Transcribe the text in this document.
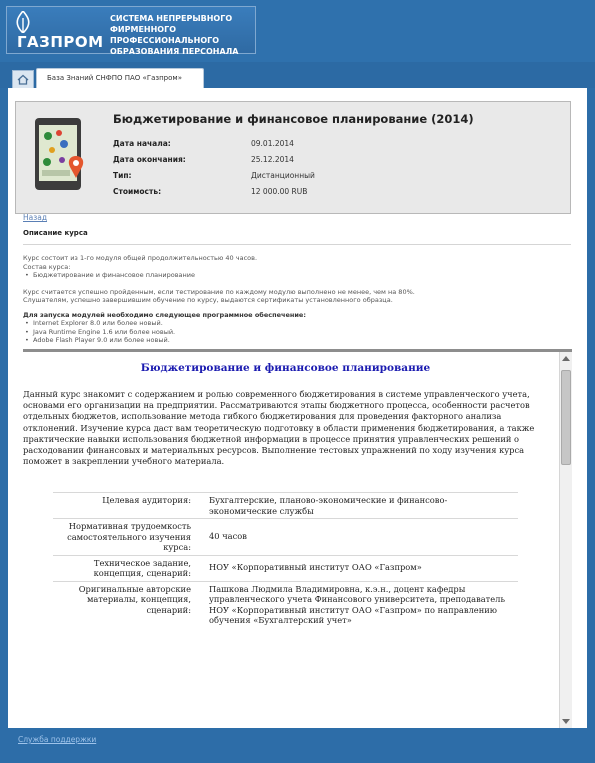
ГАЗПРОМ
СИСТЕМА НЕПРЕРЫВНОГО ФИРМЕННОГО ПРОФЕССИОНАЛЬНОГО ОБРАЗОВАНИЯ ПЕРСОНАЛА
База Знаний СНФПО ПАО «Газпром»
Бюджетирование и финансовое планирование (2014)
Дата начала:	09.01.2014
Дата окончания:	25.12.2014
Тип:	Дистанционный
Стоимость:	12 000.00 RUB
Назад
Описание курса
Курс состоит из 1-го модуля общей продолжительностью 40 часов.
Состав курса:
• Бюджетирование и финансовое планирование
Курс считается успешно пройденным, если тестирование по каждому модулю выполнено не менее, чем на 80%.
Слушателям, успешно завершившим обучение по курсу, выдаются сертификаты установленного образца.
Для запуска модулей необходимо следующее программное обеспечение:
• Internet Explorer 8.0 или более новый.
• Java Runtime Engine 1.6 или более новый.
• Adobe Flash Player 9.0 или более новый.
Бюджетирование и финансовое планирование
Данный курс знакомит с содержанием и ролью современного бюджетирования в системе управленческого учета, основами его организации на предприятии. Рассматриваются этапы бюджетного процесса, особенности расчетов отдельных бюджетов, использование метода гибкого бюджетирования для проведения факторного анализа отклонений. Изучение курса даст вам теоретическую подготовку в области применения бюджетирования, а также практические навыки использования бюджетной информации в процессе принятия управленческих решений о расходовании финансовых и материальных ресурсов. Выполнение тестовых упражнений по ходу изучения курса поможет в закреплении учебного материала.
Целевая аудитория:	Бухгалтерские, планово-экономические и финансово-экономические службы
Нормативная трудоемкость самостоятельного изучения курса:	40 часов
Техническое задание, концепция, сценарий:	НОУ «Корпоративный институт ОАО «Газпром»
Оригинальные авторские материалы, концепция, сценарий:	Пашкова Людмила Владимировна, к.э.н., доцент кафедры управленческого учета Финансового университета, преподаватель НОУ «Корпоративный институт ОАО «Газпром» по направлению обучения «Бухгалтерский учет»
Служба поддержки
